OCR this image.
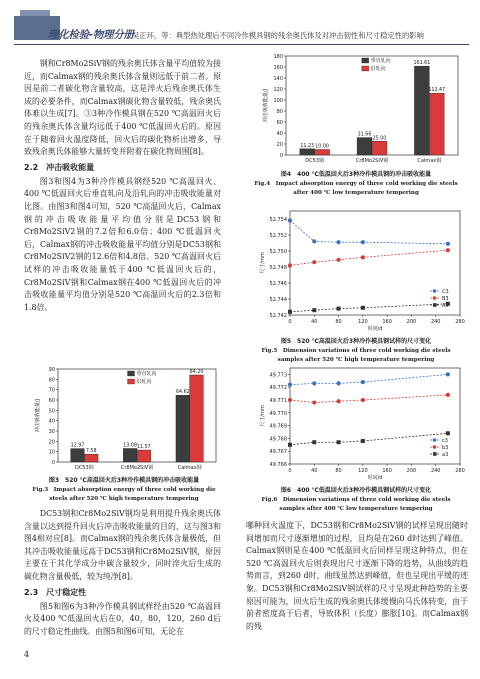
理化检验-物理分册
吴正环，等：典型热处理后不同冷作模具钢的残余奥氏体及对冲击韧性和尺寸稳定性的影响

钢和Cr8Mo2SiV钢的残余奥氏体含量平均值较为接近，而Calmax钢的残余奥氏体含量则远低于前二者。原因是前二者碳化物含量较高，这是淬火后残余奥氏体生成的必要条件，而Calmax钢碳化物含量较低，残余奥氏体难以生成[7]。③3种冷作模具钢在520 ℃高温回火后的残余奥氏体含量均远低于400 ℃低温回火后的。原因在于随着回火温度降低，回火后的碳化物析出增多，导致残余奥氏体能够大量转变并附着在碳化物周围[8]。

2.2　冲击吸收能量

图3和图4为3种冷作模具钢经520 ℃高温回火、400 ℃低温回火后垂直轧向及沿轧向的冲击吸收能量对比图。由图3和图4可知，520 ℃高温回火后，Calmax钢的冲击吸收能量平均值分别是DC53钢和Cr8Mo2SiV2钢的7.2倍和6.0倍；400 ℃低温回火后，Calmax钢的冲击吸收能量平均值分别是DC53钢和Cr8Mo2SiV2钢的12.6倍和4.8倍。520 ℃高温回火后试样的冲击吸收能量低于400 ℃低温回火后的，Cr8Mo2SiV钢和Calmax钢在400 ℃低温回火后的冲击吸收能量平均值分别是520 ℃高温回火后的2.3倍和1.8倍。

0
10
20
30
40
50
60
70
80
90
冲击吸收能量/J
12.97
7.58
DC53钢
13.08 11.57
Cr8Mo2SiV钢
64.62
84.20
Calmax钢
垂直轧向
沿轧向
图3　520 ℃高温回火后3种冷作模具钢的冲击吸收能量
Fig.3　Impact absorption energy of three cold working die
steels after 520 ℃ high temperature tempering

DC53钢和Cr8Mo2SiV钢均是利用提升残余奥氏体含量以达到提升回火后冲击吸收能量的目的，这与图3和图4相对应[8]。而Calmax钢的残余奥氏体含量极低，但其冲击吸收能量远高于DC53钢和Cr8Mo2SiV钢，原因主要在于其化学成分中碳含量较少，同时淬火后生成的碳化物含量极低，较为纯净[8]。

2.3　尺寸稳定性

图5和图6为3种冷作模具钢试样经由520 ℃高温回火及400 ℃低温回火后在0，40，80，120，260 d后的尺寸稳定性曲线。由图5和图6可知，无论在

0
20
40
60
80
100
120
140
160
180
冲击吸收能量/J
11.23 10.00
DC53钢
31.66
25.00
Cr8Mo2SiV钢
161.61
112.47
Calmax钢
垂直轧向
沿轧向
图4　400 ℃低温回火后3种冷作模具钢的冲击吸收能量
Fig.4　Impact absorption energy of three cold working die steels
after 400 ℃ low temperature tempering
52.742
52.744
52.746
52.748
52.750
52.752
52.754
0	40	80	120	160	200	240	280
时间/d
尺寸/mm
C3
B3
A3
图5　520 ℃高温回火后3种冷作模具钢试样的尺寸变化
Fig.5　Dimension variations of three cold working die steels
samples after 520 ℃ high temperature tempering
49.766
49.767
49.768
49.769
49.770
49.771
49.772
49.773
0	40	80	120	160	200	240	280
时间/d
尺寸/mm
c3
b3
a3
图6　400 ℃低温回火后3种冷作模具钢试样的尺寸变化
Fig.6　Dimension variations of three cold working die steels
samples after 400 ℃ low temperature tempering

哪种回火温度下，DC53钢和Cr8Mo2SiV钢的试样呈现出随时间增加而尺寸逐渐增加的过程，且均是在260 d时达到了峰值。Calmax钢则是在400 ℃低温回火后同样呈现这种特点，但在520 ℃高温回火后则表现出尺寸逐渐下降的趋势，从曲线的趋势而言，到260 d时，曲线虽然达到峰值，但也呈现出平缓的迹象。DC53钢和Cr8Mo2SiV钢试样的尺寸呈现此种趋势的主要原因可能为，回火后生成的残余奥氏体缓慢向马氏体转变，由于前者密度高于后者，导致体积（长度）膨胀[10]。而Calmax钢的残

4
